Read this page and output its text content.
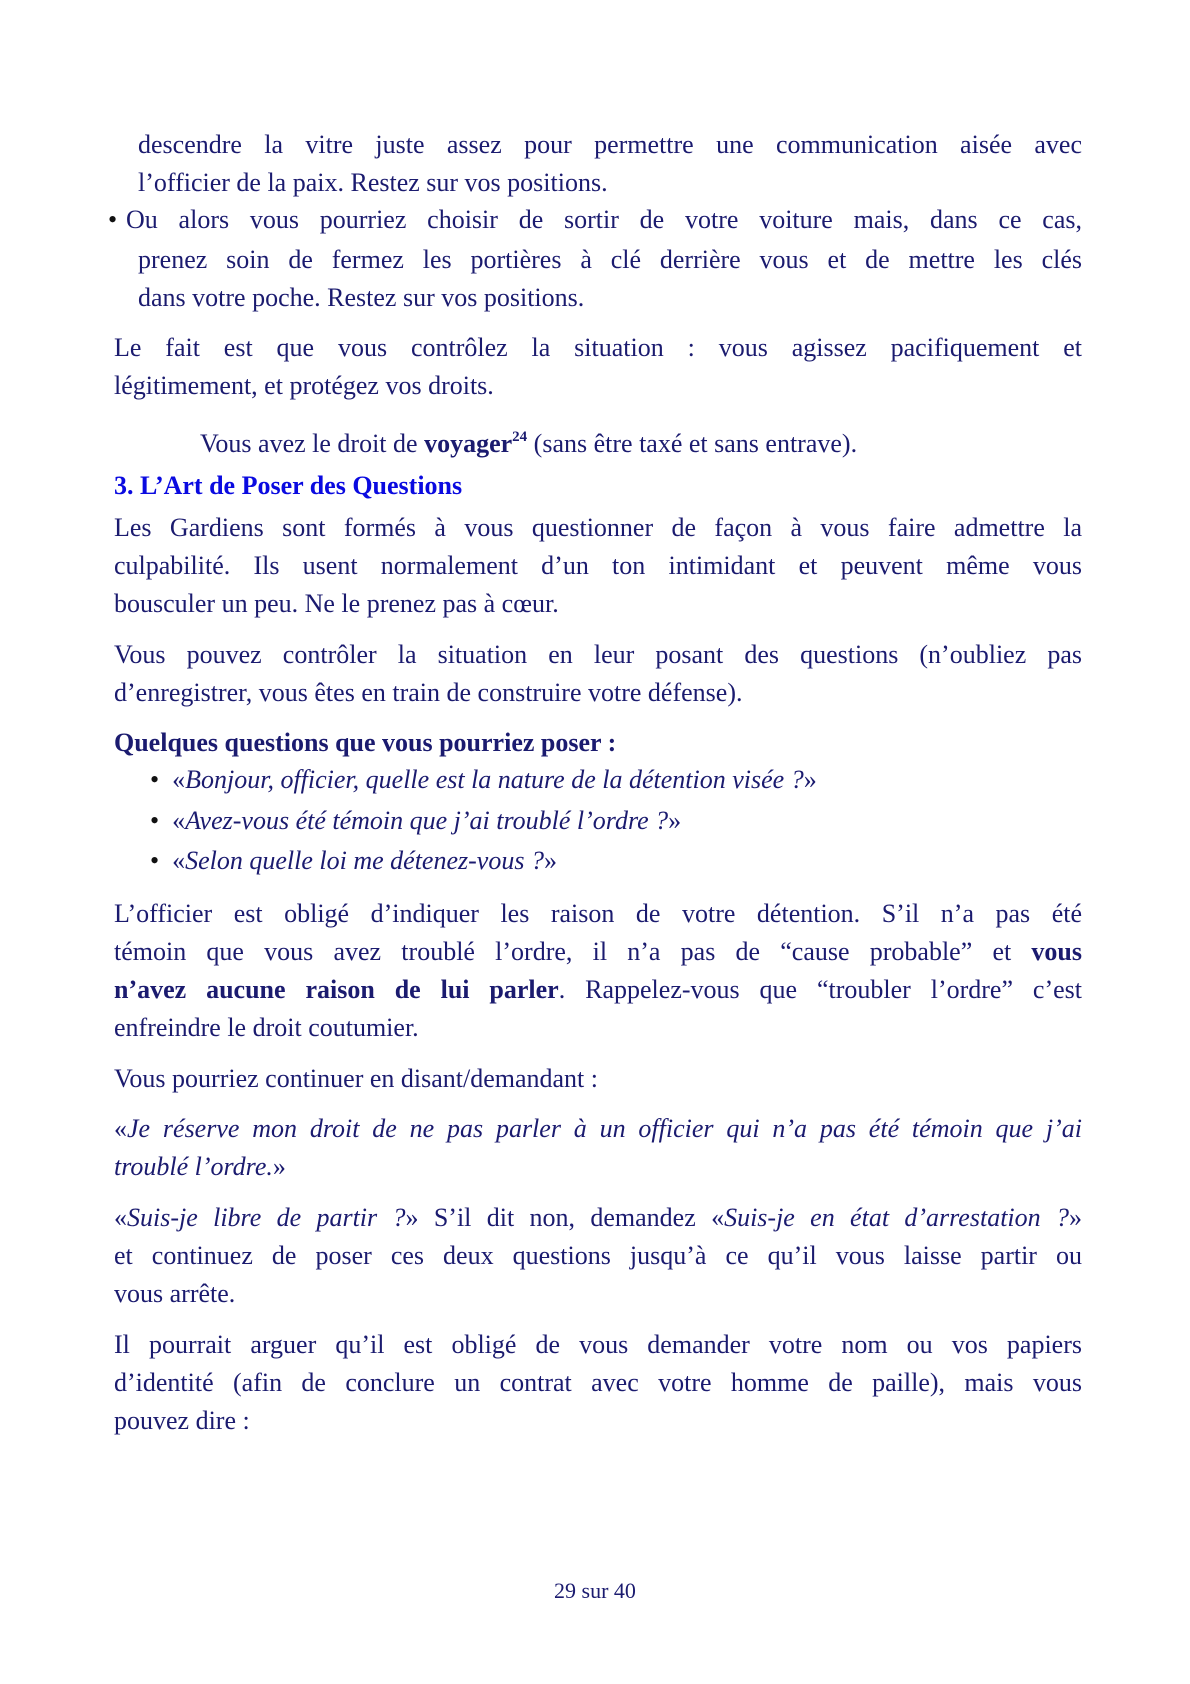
descendre la vitre juste assez pour permettre une communication aisée avec
l’officier de la paix. Restez sur vos positions.
• Ou alors vous pourriez choisir de sortir de votre voiture mais, dans ce cas,
prenez soin de fermez les portières à clé derrière vous et de mettre les clés
dans votre poche. Restez sur vos positions.
Le fait est que vous contrôlez la situation : vous agissez pacifiquement et
légitimement, et protégez vos droits.
Vous avez le droit de voyager$^{24}$ (sans être taxé et sans entrave).
3. L’Art de Poser des Questions
Les Gardiens sont formés à vous questionner de façon à vous faire admettre la
culpabilité. Ils usent normalement d’un ton intimidant et peuvent même vous
bousculer un peu. Ne le prenez pas à cœur.
Vous pouvez contrôler la situation en leur posant des questions (n’oubliez pas
d’enregistrer, vous êtes en train de construire votre défense).
Quelques questions que vous pourriez poser :
• «Bonjour, officier, quelle est la nature de la détention visée ?»
• «Avez-vous été témoin que j’ai troublé l’ordre ?»
• «Selon quelle loi me détenez-vous ?»
L’officier est obligé d’indiquer les raison de votre détention. S’il n’a pas été
témoin que vous avez troublé l’ordre, il n’a pas de “cause probable” et vous
n’avez aucune raison de lui parler. Rappelez-vous que “troubler l’ordre” c’est
enfreindre le droit coutumier.
Vous pourriez continuer en disant/demandant :
«Je réserve mon droit de ne pas parler à un officier qui n’a pas été témoin que j’ai
troublé l’ordre.»
«Suis-je libre de partir ?» S’il dit non, demandez «Suis-je en état d’arrestation ?»
et continuez de poser ces deux questions jusqu’à ce qu’il vous laisse partir ou
vous arrête.
Il pourrait arguer qu’il est obligé de vous demander votre nom ou vos papiers
d’identité (afin de conclure un contrat avec votre homme de paille), mais vous
pouvez dire :
29 sur 40
